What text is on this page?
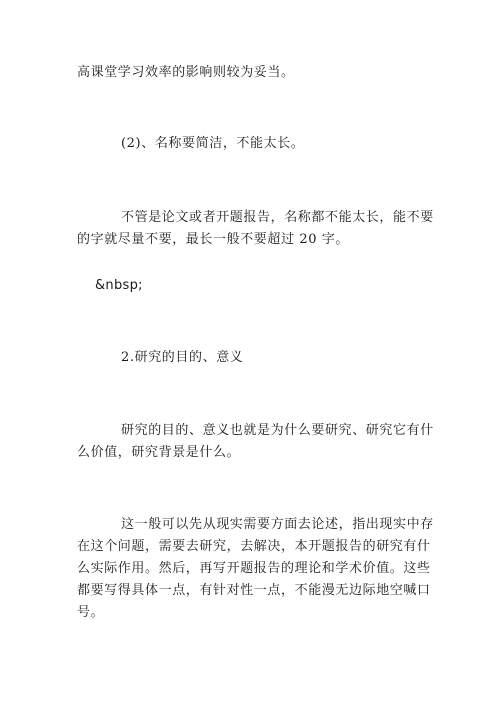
高课堂学习效率的影响则较为妥当。
(2)、名称要简洁，不能太长。
不管是论文或者开题报告，名称都不能太长，能不要
的字就尽量不要，最长一般不要超过 20 字。
&nbsp;
2.研究的目的、意义
研究的目的、意义也就是为什么要研究、研究它有什
么价值，研究背景是什么。
这一般可以先从现实需要方面去论述，指出现实中存
在这个问题，需要去研究，去解决，本开题报告的研究有什
么实际作用。然后，再写开题报告的理论和学术价值。这些
都要写得具体一点，有针对性一点，不能漫无边际地空喊口
号。
